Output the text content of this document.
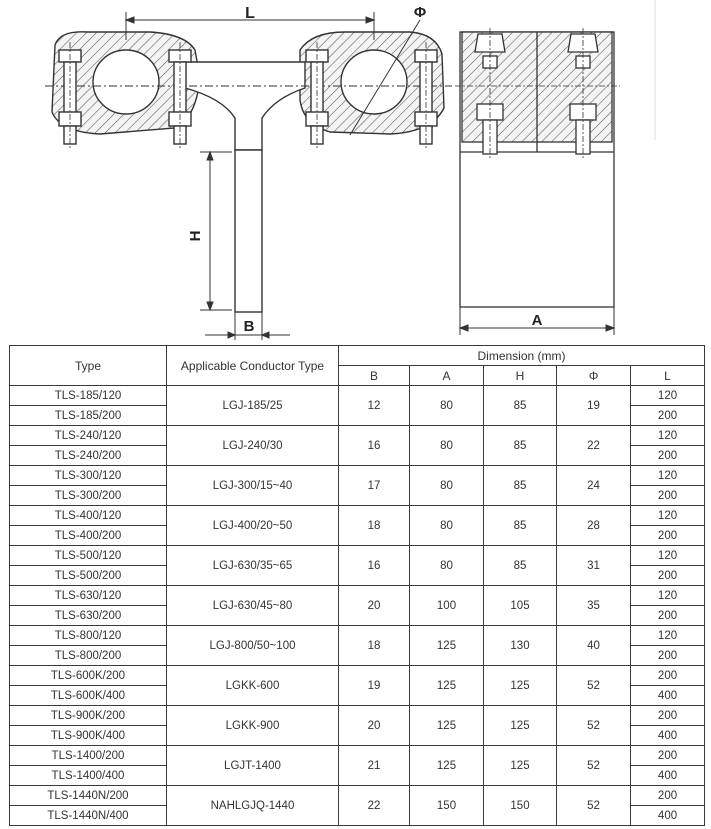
L	Φ
H
B	A
Type	Applicable Conductor Type	Dimension (mm)				
		B	A	H	Φ	L
TLS-185/120	LGJ-185/25	12	80	85	19	120
TLS-185/200						200
TLS-240/120	LGJ-240/30	16	80	85	22	120
TLS-240/200						200
TLS-300/120	LGJ-300/15~40	17	80	85	24	120
TLS-300/200						200
TLS-400/120	LGJ-400/20~50	18	80	85	28	120
TLS-400/200						200
TLS-500/120	LGJ-630/35~65	16	80	85	31	120
TLS-500/200						200
TLS-630/120	LGJ-630/45~80	20	100	105	35	120
TLS-630/200						200
TLS-800/120	LGJ-800/50~100	18	125	130	40	120
TLS-800/200						200
TLS-600K/200	LGKK-600	19	125	125	52	200
TLS-600K/400						400
TLS-900K/200	LGKK-900	20	125	125	52	200
TLS-900K/400						400
TLS-1400/200	LGJT-1400	21	125	125	52	200
TLS-1400/400						400
TLS-1440N/200	NAHLGJQ-1440	22	150	150	52	200
TLS-1440N/400						400
